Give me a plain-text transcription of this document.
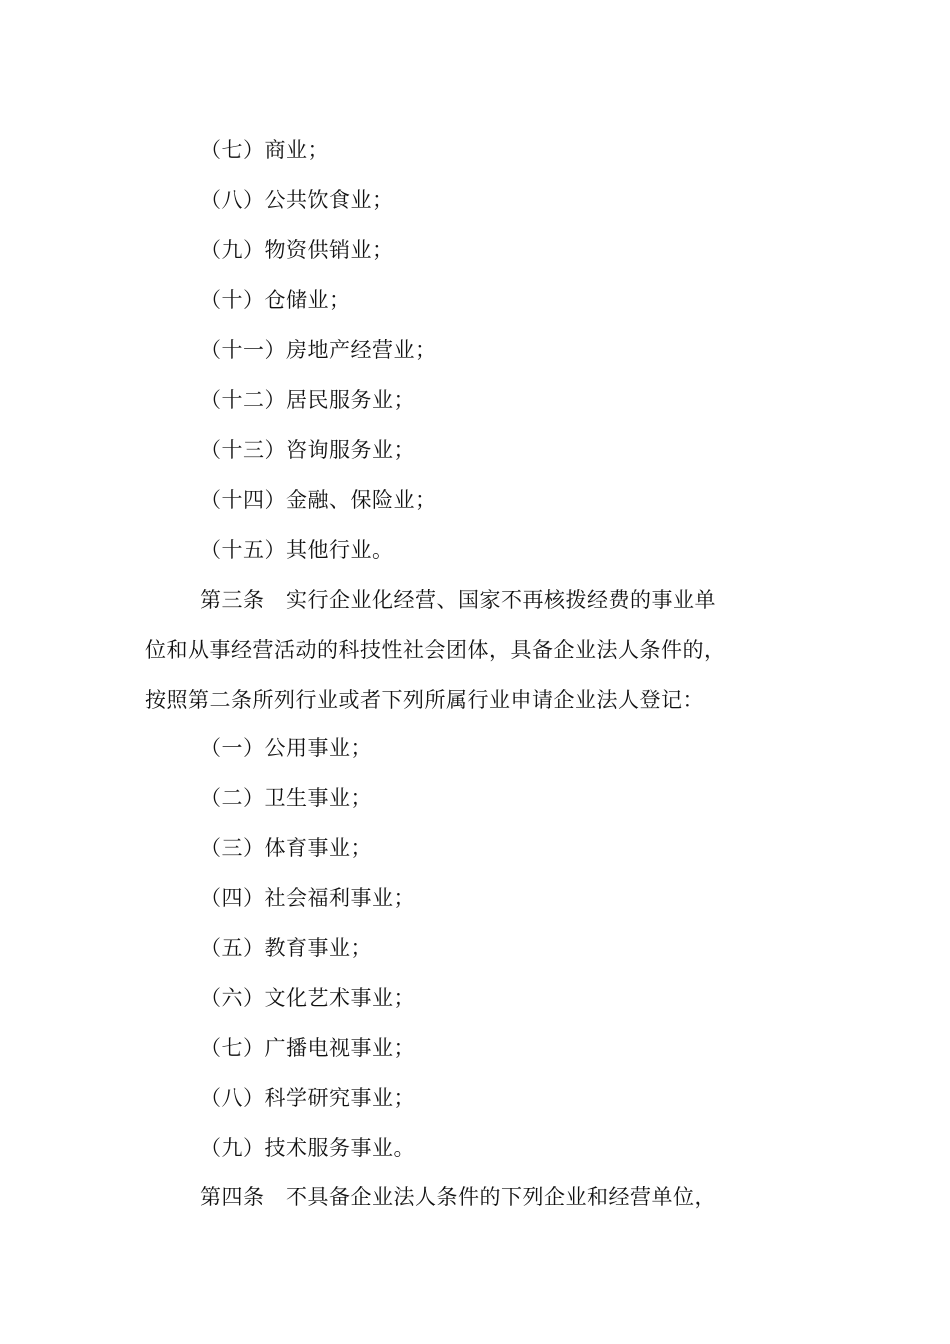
（七）商业；
（八）公共饮食业；
（九）物资供销业；
（十）仓储业；
（十一）房地产经营业；
（十二）居民服务业；
（十三）咨询服务业；
（十四）金融、保险业；
（十五）其他行业。
第三条　实行企业化经营、国家不再核拨经费的事业单
位和从事经营活动的科技性社会团体，具备企业法人条件的，
按照第二条所列行业或者下列所属行业申请企业法人登记：
（一）公用事业；
（二）卫生事业；
（三）体育事业；
（四）社会福利事业；
（五）教育事业；
（六）文化艺术事业；
（七）广播电视事业；
（八）科学研究事业；
（九）技术服务事业。
第四条　不具备企业法人条件的下列企业和经营单位，
